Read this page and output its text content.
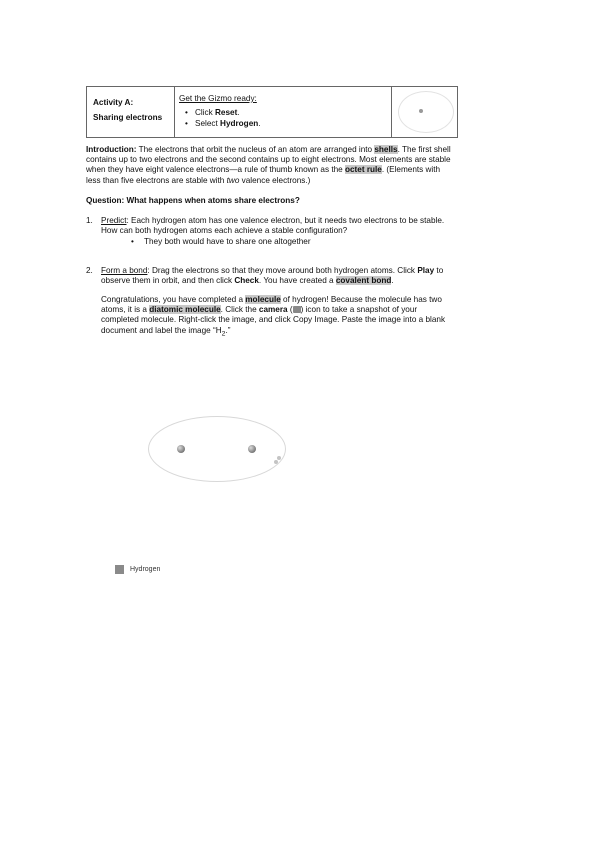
Activity A:
Sharing electrons
Get the Gizmo ready:
• Click Reset.
• Select Hydrogen.
Introduction: The electrons that orbit the nucleus of an atom are arranged into shells. The first shell contains up to two electrons and the second contains up to eight electrons. Most elements are stable when they have eight valence electrons—a rule of thumb known as the octet rule. (Elements with less than five electrons are stable with two valence electrons.)
Question: What happens when atoms share electrons?
1. Predict: Each hydrogen atom has one valence electron, but it needs two electrons to be stable. How can both hydrogen atoms each achieve a stable configuration?
• They both would have to share one altogether
2. Form a bond: Drag the electrons so that they move around both hydrogen atoms. Click Play to observe them in orbit, and then click Check. You have created a covalent bond.
Congratulations, you have completed a molecule of hydrogen! Because the molecule has two atoms, it is a diatomic molecule. Click the camera ( ) icon to take a snapshot of your completed molecule. Right-click the image, and click Copy Image. Paste the image into a blank document and label the image “$H_2$.”
Hydrogen
